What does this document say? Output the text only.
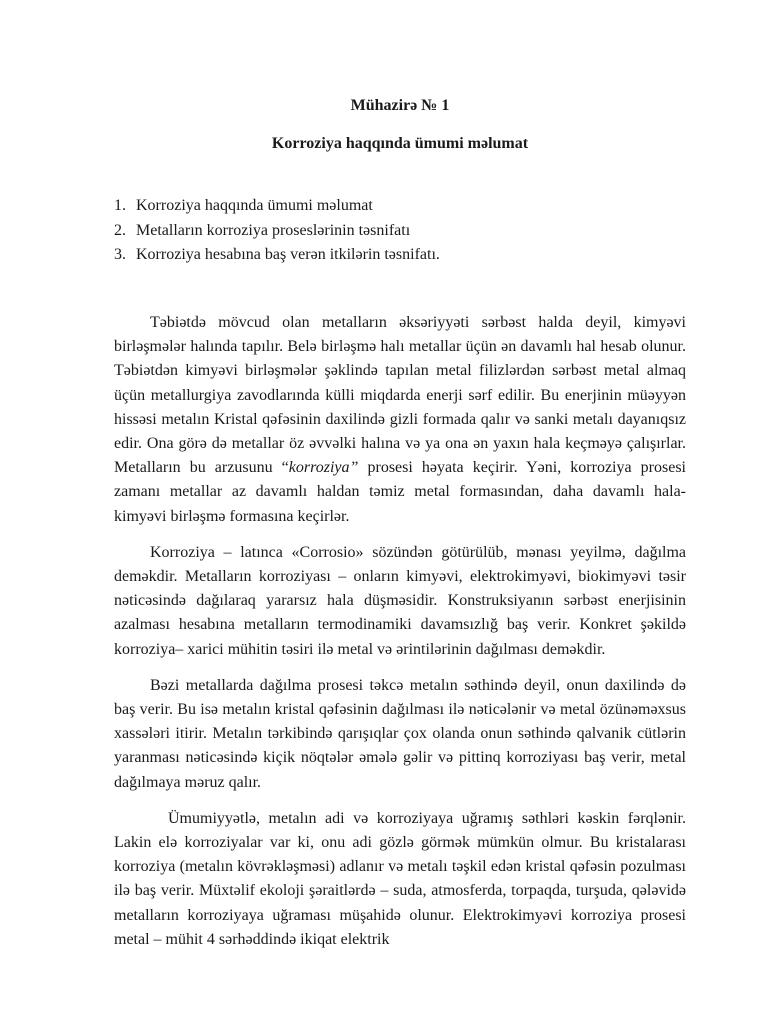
Mühazirə № 1
Korroziya haqqında ümumi məlumat
1. Korroziya haqqında ümumi məlumat
2. Metalların korroziya proseslərinin təsnifatı
3. Korroziya hesabına baş verən itkilərin təsnifatı.

Təbiətdə mövcud olan metalların əksəriyyəti sərbəst halda deyil, kimyəvi birləşmələr halında tapılır. Belə birləşmə halı metallar üçün ən davamlı hal hesab olunur. Təbiətdən kimyəvi birləşmələr şəklində tapılan metal filizlərdən sərbəst metal almaq üçün metallurgiya zavodlarında külli miqdarda enerji sərf edilir. Bu enerjinin müəyyən hissəsi metalın Kristal qəfəsinin daxilində gizli formada qalır və sanki metalı dayanıqsız edir. Ona görə də metallar öz əvvəlki halına və ya ona ən yaxın hala keçməyə çalışırlar. Metalların bu arzusunu “korroziya” prosesi həyata keçirir. Yəni, korroziya prosesi zamanı metallar az davamlı haldan təmiz metal formasından, daha davamlı hala- kimyəvi birləşmə formasına keçirlər.

Korroziya – latınca «Corrosio» sözündən götürülüb, mənası yeyilmə, dağılma deməkdir. Metalların korroziyası – onların kimyəvi, elektrokimyəvi, biokimyəvi təsir nəticəsində dağılaraq yararsız hala düşməsidir. Konstruksiyanın sərbəst enerjisinin azalması hesabına metalların termodinamiki davamsızlığ baş verir. Konkret şəkildə korroziya– xarici mühitin təsiri ilə metal və ərintilərinin dağılması deməkdir.

Bəzi metallarda dağılma prosesi təkcə metalın səthində deyil, onun daxilində də baş verir. Bu isə metalın kristal qəfəsinin dağılması ilə nəticələnir və metal özünəməxsus xassələri itirir. Metalın tərkibində qarışıqlar çox olanda onun səthində qalvanik cütlərin yaranması nəticəsində kiçik nöqtələr əmələ gəlir və pittinq korroziyası baş verir, metal dağılmaya məruz qalır.

Ümumiyyətlə, metalın adi və korroziyaya uğramış səthləri kəskin fərqlənir. Lakin elə korroziyalar var ki, onu adi gözlə görmək mümkün olmur. Bu kristalarası korroziya (metalın kövrəkləşməsi) adlanır və metalı təşkil edən kristal qəfəsin pozulması ilə baş verir. Müxtəlif ekoloji şəraitlərdə – suda, atmosferda, torpaqda, turşuda, qələvidə metalların korroziyaya uğraması müşahidə olunur. Elektrokimyəvi korroziya prosesi metal – mühit 4 sərhəddində ikiqat elektrik
